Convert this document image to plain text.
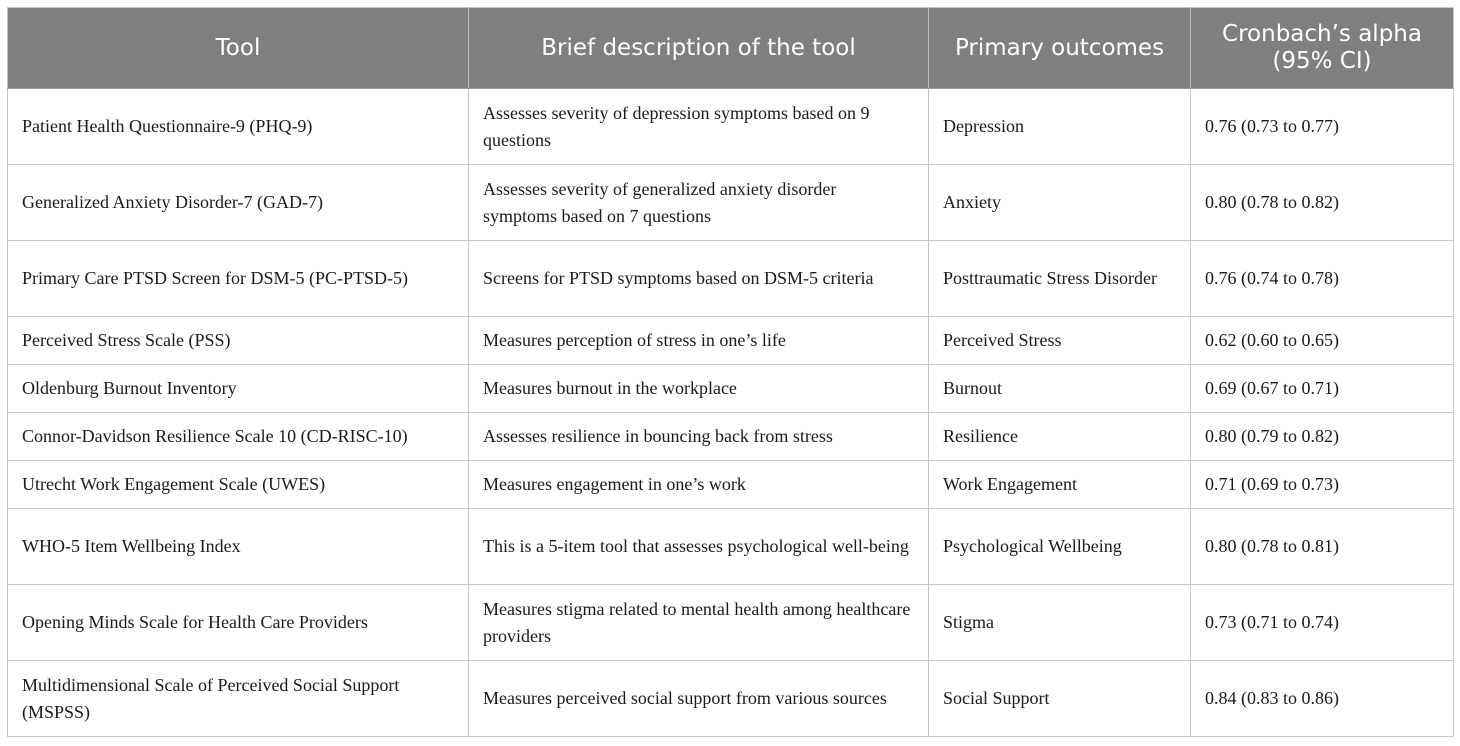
Tool	Brief description of the tool	Primary outcomes	Cronbach’s alpha (95% CI)
Patient Health Questionnaire-9 (PHQ-9)	Assesses severity of depression symptoms based on 9 questions	Depression	0.76 (0.73 to 0.77)
Generalized Anxiety Disorder-7 (GAD-7)	Assesses severity of generalized anxiety disorder symptoms based on 7 questions	Anxiety	0.80 (0.78 to 0.82)
Primary Care PTSD Screen for DSM-5 (PC-PTSD-5)	Screens for PTSD symptoms based on DSM-5 criteria	Posttraumatic Stress Disorder	0.76 (0.74 to 0.78)
Perceived Stress Scale (PSS)	Measures perception of stress in one’s life	Perceived Stress	0.62 (0.60 to 0.65)
Oldenburg Burnout Inventory	Measures burnout in the workplace	Burnout	0.69 (0.67 to 0.71)
Connor-Davidson Resilience Scale 10 (CD-RISC-10)	Assesses resilience in bouncing back from stress	Resilience	0.80 (0.79 to 0.82)
Utrecht Work Engagement Scale (UWES)	Measures engagement in one’s work	Work Engagement	0.71 (0.69 to 0.73)
WHO-5 Item Wellbeing Index	This is a 5-item tool that assesses psychological well-being	Psychological Wellbeing	0.80 (0.78 to 0.81)
Opening Minds Scale for Health Care Providers	Measures stigma related to mental health among healthcare providers	Stigma	0.73 (0.71 to 0.74)
Multidimensional Scale of Perceived Social Support (MSPSS)	Measures perceived social support from various sources	Social Support	0.84 (0.83 to 0.86)
